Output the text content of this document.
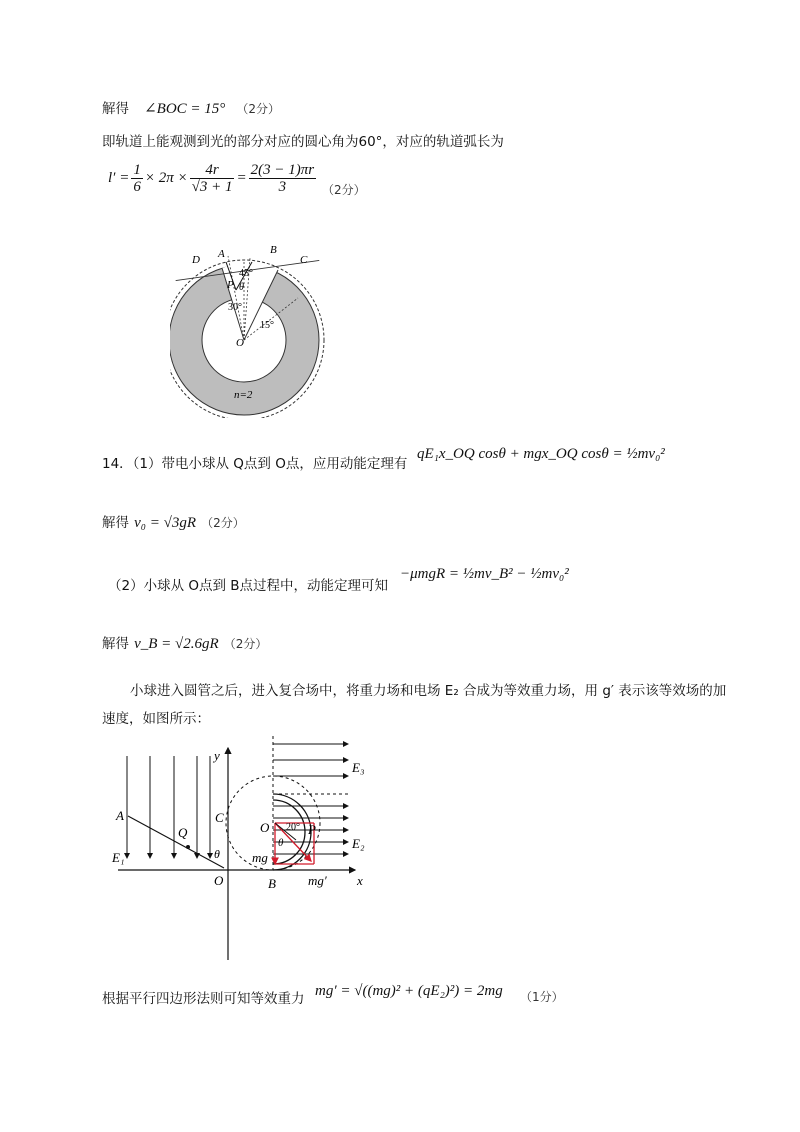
解得 ∠BOC = 15° （2分）
即轨道上能观测到光的部分对应的圆心角为60°，对应的轨道弧长为
$l' = \frac{1}{6} \times 2\pi \times \frac{4r}{√3 + 1} = \frac{2(3 - 1)\pi r}{3} (2$分）
A	B
C
D
P θ
45°
30°
15°
O
n=2
14．（1）带电小球从 Q点到 O点，应用动能定理有
qE₁x_OQ cosθ + mgx_OQ cosθ = ½mv₀²
解得 v₀ = √3gR （2分）
（2）小球从 O点到 B点过程中，动能定理可知
−μmgR = ½mv_B² − ½mv₀²
解得 v_B = √2.6gR （2分）
小球进入圆管之后，进入复合场中，将重力场和电场 E₂ 合成为等效重力场，用 g′ 表示该等效场的加
速度，如图所示：
x
y
E₁
A
Q
C
θ
O
E₃
E₂
O	P
20°
θ
mg
B mg′
根据平行四边形法则可知等效重力 mg′ = √((mg)² + (qE₂)²) = 2mg （1分）
